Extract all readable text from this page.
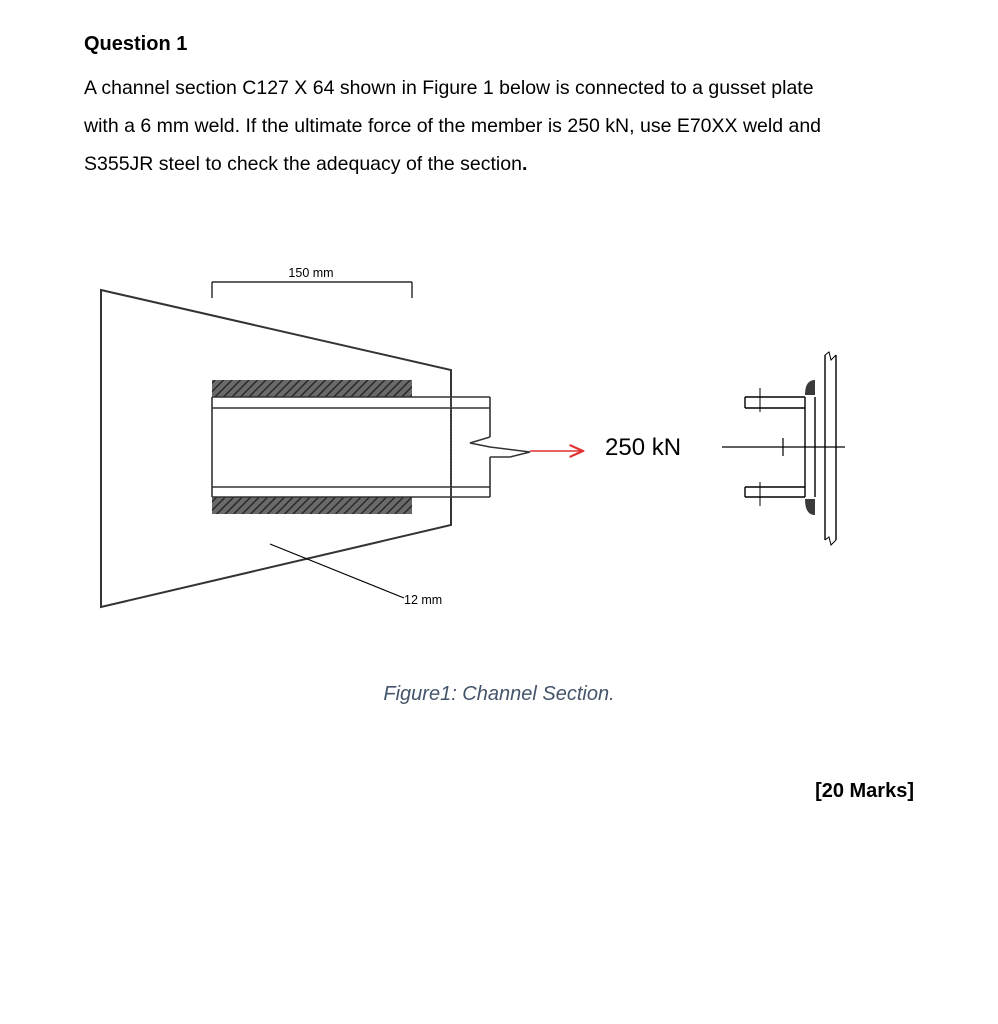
Question 1

A channel section C127 X 64 shown in Figure 1 below is connected to a gusset plate
with a 6 mm weld. If the ultimate force of the member is 250 kN, use E70XX weld and
S355JR steel to check the adequacy of the section.

150 mm
12 mm
250 kN
Figure1: Channel Section.
[20 Marks]
